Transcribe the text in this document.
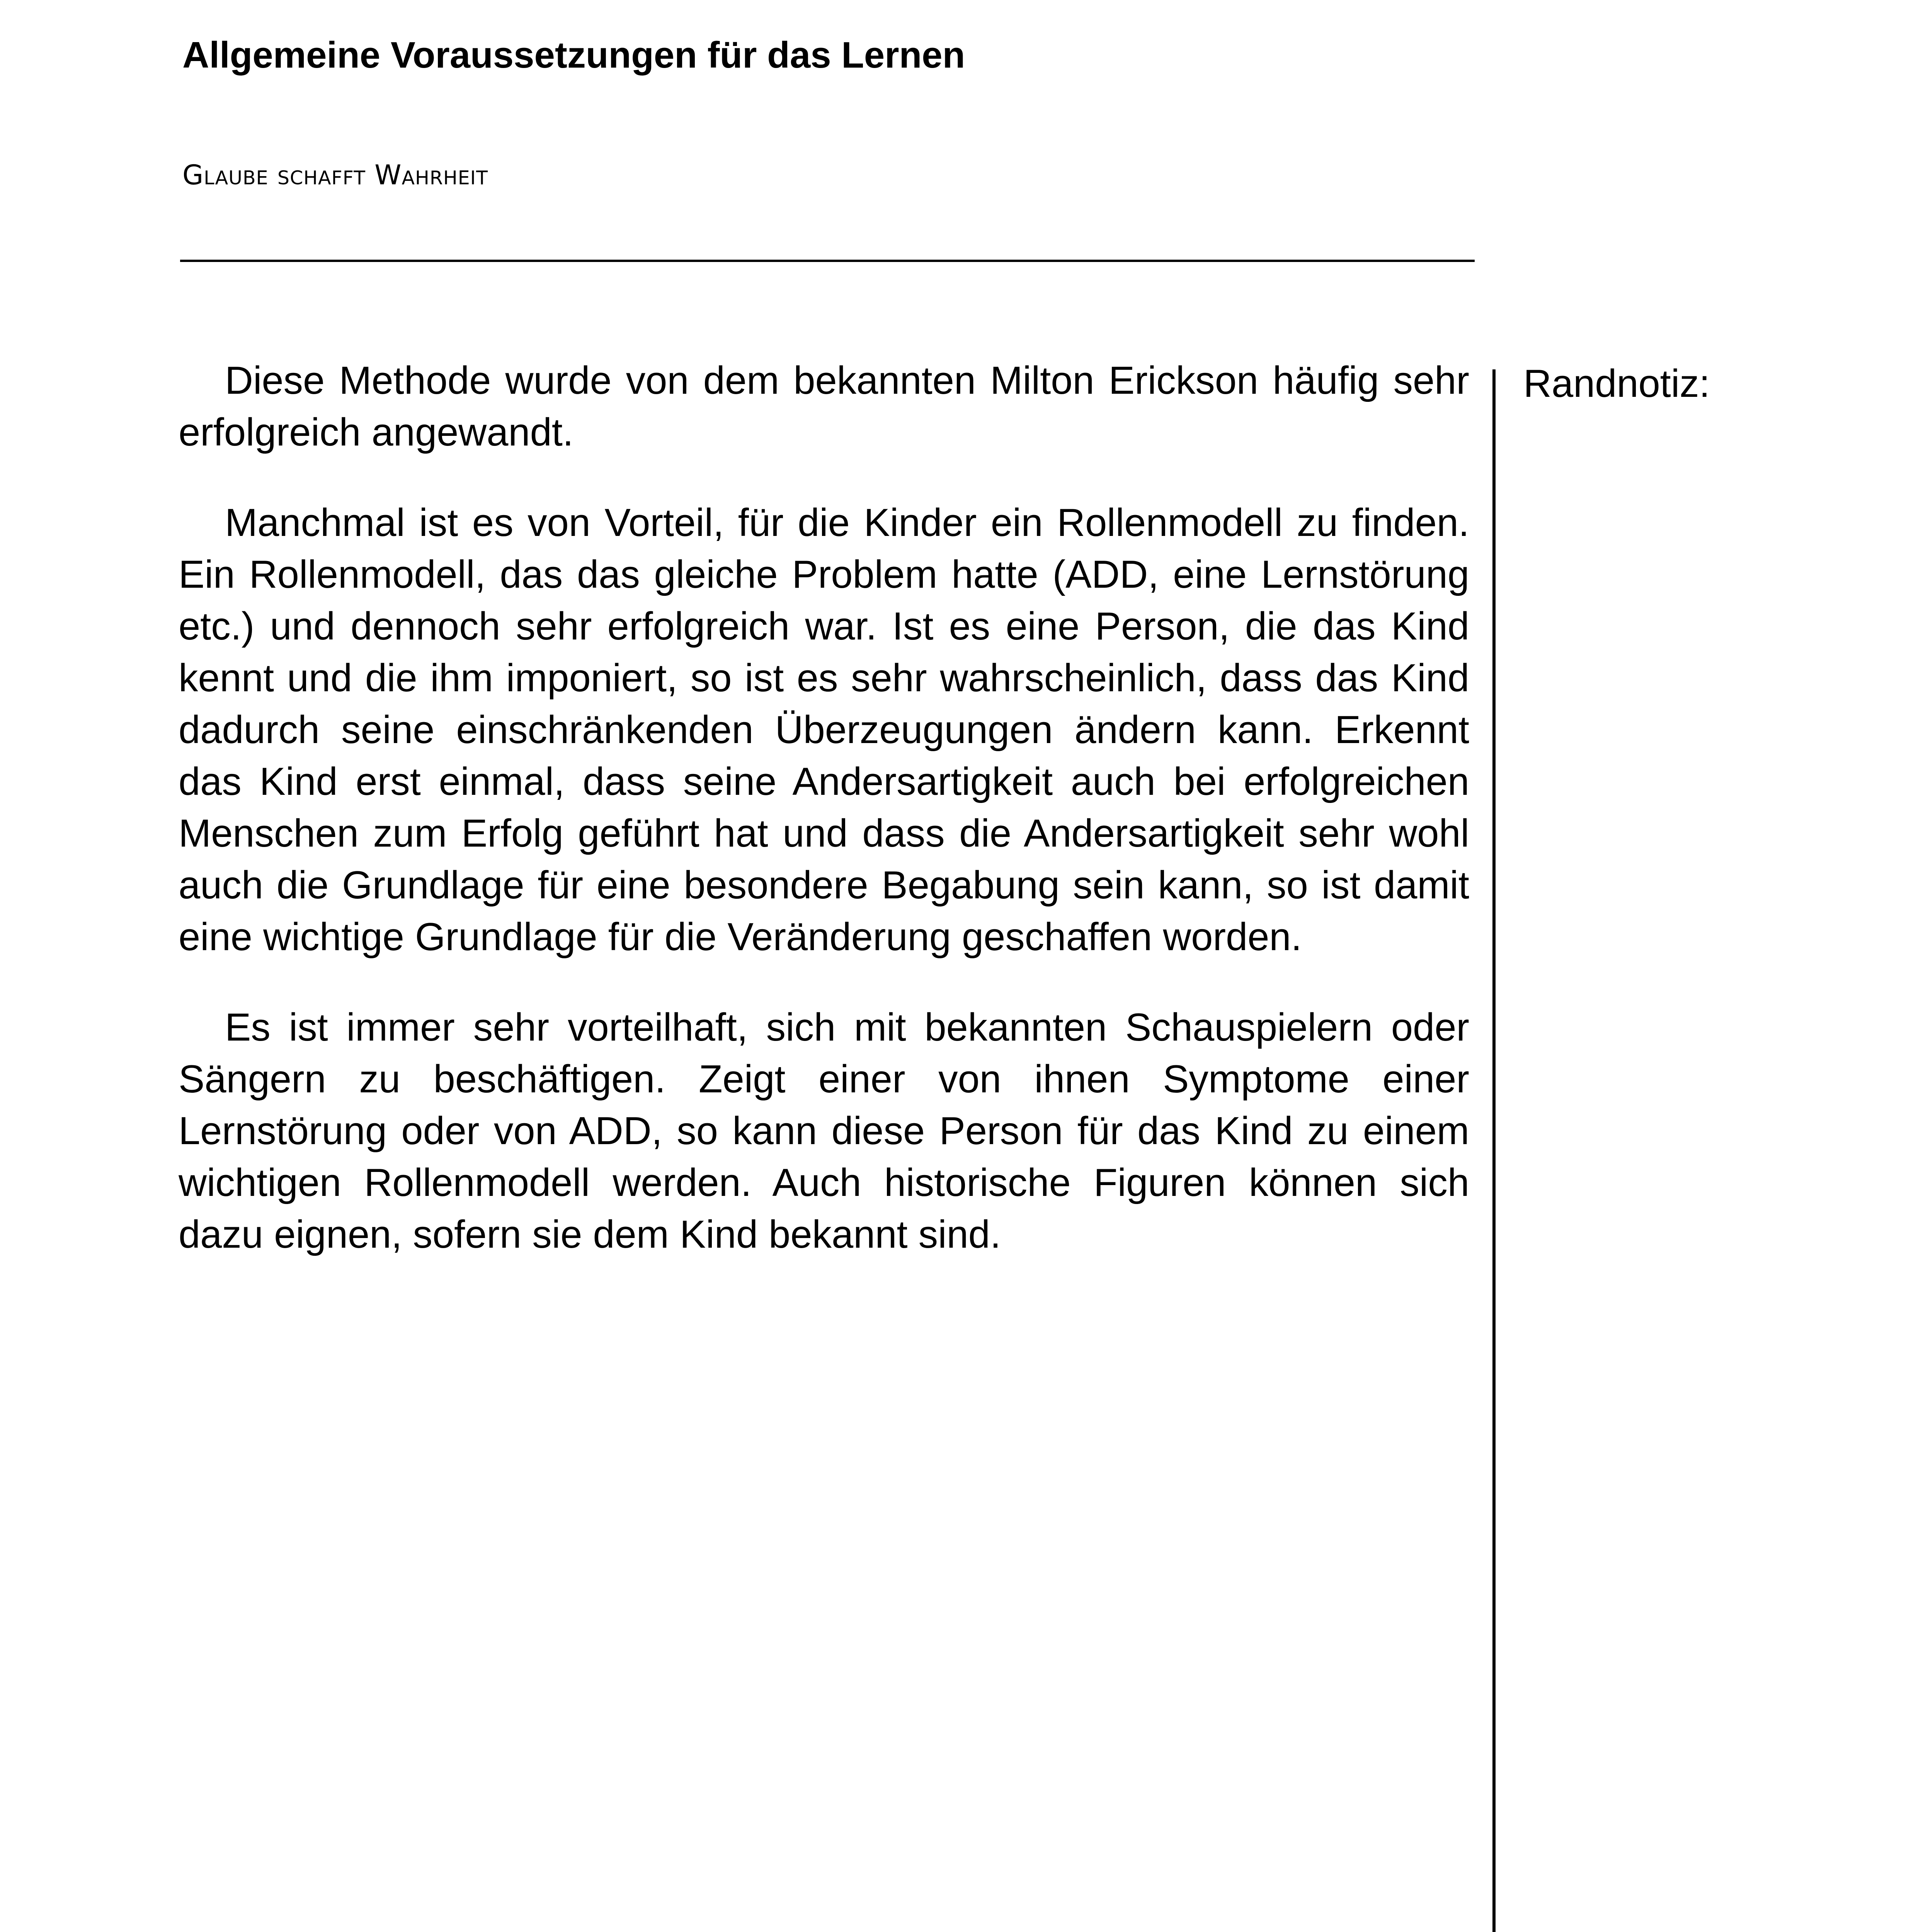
Allgemeine Voraussetzungen für das Lernen
Glaube schafft Wahrheit

Diese Methode wurde von dem bekannten Milton Erickson häufig sehr erfolgreich angewandt.

Manchmal ist es von Vorteil, für die Kinder ein Rollenmodell zu finden. Ein Rollenmodell, das das gleiche Problem hatte (ADD, eine Lernstörung etc.) und dennoch sehr erfolgreich war. Ist es eine Person, die das Kind kennt und die ihm imponiert, so ist es sehr wahrscheinlich, dass das Kind dadurch seine einschränkenden Überzeugungen ändern kann. Erkennt das Kind erst einmal, dass seine Andersartigkeit auch bei erfolgreichen Menschen zum Erfolg geführt hat und dass die Andersartigkeit sehr wohl auch die Grundlage für eine besondere Begabung sein kann, so ist damit eine wichtige Grundlage für die Veränderung geschaffen worden.

Es ist immer sehr vorteilhaft, sich mit bekannten Schauspielern oder Sängern zu beschäftigen. Zeigt einer von ihnen Symptome einer Lernstörung oder von ADD, so kann diese Person für das Kind zu einem wichtigen Rollenmodell werden. Auch historische Figuren können sich dazu eignen, sofern sie dem Kind bekannt sind.

Randnotiz:
